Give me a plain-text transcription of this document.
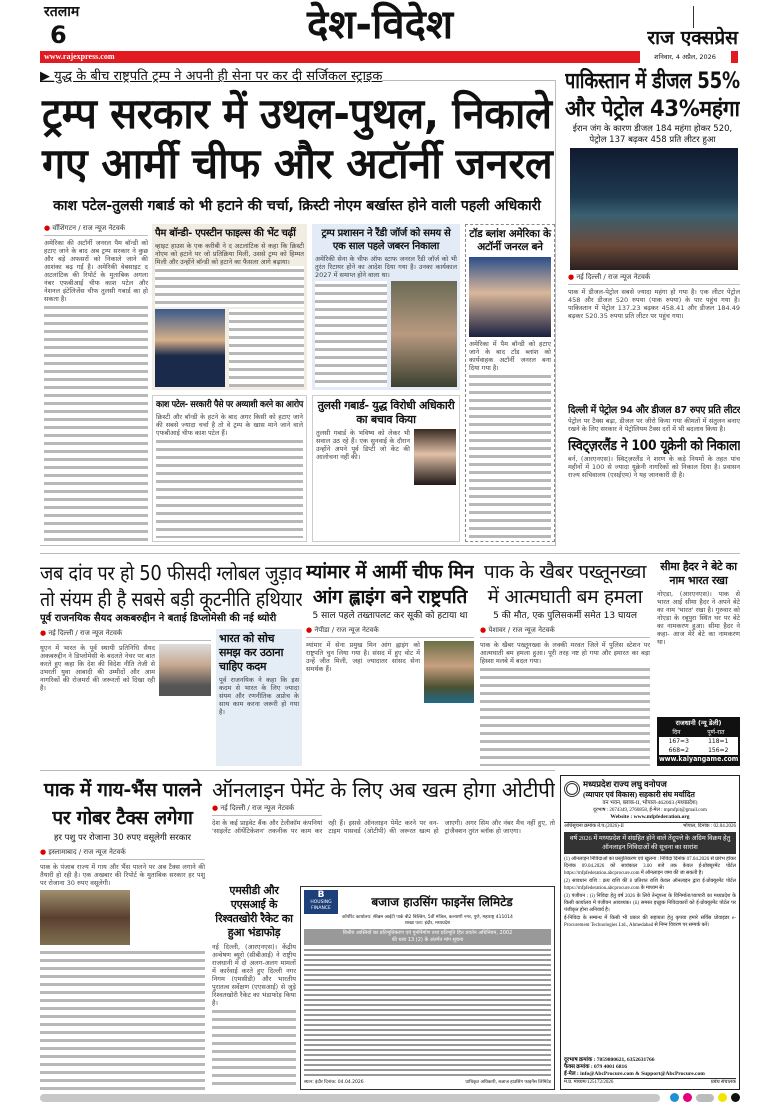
रतलाम
6	देश-विदेश	राज एक्सप्रेस
www.rajexpress.com	शनिवार, 4 अप्रैल, 2026
▶ युद्ध के बीच राष्ट्रपति ट्रम्प ने अपनी ही सेना पर कर दी सर्जिकल स्ट्राइक
ट्रम्प सरकार में उथल-पुथल, निकाले
गए आर्मी चीफ और अटॉर्नी जनरल
काश पटेल-तुलसी गबार्ड को भी हटाने की चर्चा, क्रिस्टी नोएम बर्खास्त होने वाली पहली अधिकारी
● वॉशिंगटन / राज न्यूज नेटवर्क
अमेरिका की अटॉर्नी जनरल पैम बॉन्डी को हटाए जाने के बाद अब ट्रम्प सरकार ने कुछ और बड़े अफसरों को निकाले जाने की आशंका बढ़ गई है। अमेरिकी वेबसाइट द अटलांटिक की रिपोर्ट के मुताबिक अगला नंबर एफबीआई चीफ काश पटेल और नेशनल इंटेलिजेंस चीफ तुलसी गबार्ड का हो सकता है।
पैम बॉन्डी- एपस्टीन फाइल्स की भेंट चढ़ीं
व्हाइट हाउस के एक करीबी ने द अटलांटिक से कहा कि क्रिस्टी नोएम को हटाने पर जो प्रतिक्रिया मिली, उससे ट्रम्प को हिम्मत मिली और उन्होंने बॉन्डी को हटाने का फैसला आगे बढ़ाया।
ट्रम्प प्रशासन ने रैंडी जॉर्ज को समय से एक साल पहले जबरन निकाला
अमेरिकी सेना के चीफ ऑफ स्टाफ जनरल रैंडी जॉर्ज को भी तुरंत रिटायर होने का आदेश दिया गया है। उनका कार्यकाल 2027 में समाप्त होने वाला था।
टॉड ब्लांश अमेरिका के अटॉर्नी जनरल बने
अमेरिका में पैम बॉन्डी को हटाए जाने के बाद टॉड ब्लांश को कार्यवाहक अटॉर्नी जनरल बना दिया गया है।
काश पटेल- सरकारी पैसे पर अय्याशी करने का आरोप
क्रिस्टी और बॉन्डी के हटने के बाद अगर किसी को हटाए जाने की सबसे ज्यादा चर्चा है तो वे ट्रम्प के खास माने जाने वाले एफबीआई चीफ काश पटेल हैं।
तुलसी गबार्ड- युद्ध विरोधी अधिकारी का बचाव किया
तुलसी गबार्ड के भविष्य को लेकर भी सवाल उठ रहे हैं। एक सुनवाई के दौरान उन्होंने अपने पूर्व डिप्टी जो केंट की आलोचना नहीं की।
पाकिस्तान में डीजल 55%
और पेट्रोल 43%महंगा
ईरान जंग के कारण डीजल 184 महंगा होकर 520, पेट्रोल 137 बढ़कर 458 प्रति लीटर हुआ
● नई दिल्ली / राज न्यूज नेटवर्क
पाक में डीजल-पेट्रोल सबसे ज्यादा महंगा हो गया है। एक लीटर पेट्रोल 458 और डीजल 520 रुपया (पाक रुपया) के पार पहुंच गया है। पाकिस्तान में पेट्रोल 137.23 बढ़कर 458.41 और डीजल 184.49 बढ़कर 520.35 रुपया प्रति लीटर पर पहुंच गया।
दिल्ली में पेट्रोल 94 और डीजल 87 रुपए प्रति लीटर
पेट्रोल पर टैक्स बढ़ा, डीजल पर जीरो किया गया कीमतों में संतुलन बनाए रखने के लिए सरकार ने पेट्रोलियम टैक्स दरों में भी बदलाव किया है।
स्विट्ज़रलैंड ने 100 यूक्रेनी को निकाला
बर्न, (आरएनएस)। स्विट्ज़रलैंड ने शरण के कड़े नियमों के तहत पांच महीनों में 100 से ज्यादा यूक्रेनी नागरिकों को निकाल दिया है। प्रवासन राज्य सचिवालय (एसईएम) ने यह जानकारी दी है।
जब दांव पर हो 50 फीसदी ग्लोबल जुड़ाव
तो संयम ही है सबसे बड़ी कूटनीति हथियार
पूर्व राजनयिक सैयद अकबरुद्दीन ने बताई डिप्लोमेसी की नई थ्योरी
● नई दिल्ली / राज न्यूज नेटवर्क
यूएन में भारत के पूर्व स्थायी प्रतिनिधि सैयद अकबरुद्दीन ने डिप्लोमेसी के बदलते नेचर पर बात करते हुए कहा कि देश की विदेश नीति तेजी से उभरती युवा आबादी की उम्मीदों और आम नागरिकों की रोजमर्रा की जरूरतों को दिखा रही है।
भारत को सोच समझ कर उठाना चाहिए कदम
पूर्व राजनयिक ने कहा कि इस कदम से भारत के लिए ज्यादा संयम और रणनीतिक अप्रोच के साथ काम करना जरूरी हो गया है।
म्यांमार में आर्मी चीफ मिन
आंग ह्लाइंग बने राष्ट्रपति
5 साल पहले तख्तापलट कर सूकी को हटाया था
● नेपीडा / राज न्यूज नेटवर्क
म्यांमार में सेना प्रमुख मिन आंग ह्लाइंग को राष्ट्रपति चुन लिया गया है। संसद में हुए वोट में उन्हें जीत मिली, जहां ज्यादातर सांसद सेना समर्थक हैं।
पाक के खैबर पख्तूनख्वा
में आत्मघाती बम हमला
5 की मौत, एक पुलिसकर्मी समेत 13 घायल
● पेशावर / राज न्यूज नेटवर्क
पाक के खैबर पख्तूनख्वा के लक्की मरवत जिले में पुलिस स्टेशन पर आत्मघाती बम हमला हुआ। पूरी तरह नष्ट हो गया और इमारत का बड़ा हिस्सा मलबे में बदल गया।
सीमा हैदर ने बेटे का नाम भारत रखा
नोएडा, (आरएनएस)। पाक से भारत आई सीमा हैदर ने अपने बेटे का नाम 'भारत' रखा है। गुरुवार को नोएडा के रबूपुरा स्थित घर पर बेटे का नामकरण हुआ। सीमा हैदर ने कहा- आज मेरे बेटे का नामकरण था।
राजधानी (न्यू डेली)
दिन	पूर्ण-रात
167=3	118=1
668=2	156=2
www.kalyangame.com
पाक में गाय-भैंस पालने
पर गोबर टैक्स लगेगा
हर पशु पर रोजाना 30 रुपए वसूलेगी सरकार
● इस्लामाबाद / राज न्यूज नेटवर्क
पाक के पंजाब राज्य में गाय और भैंस पालने पर अब टैक्स लगाने की तैयारी हो रही है। एक अखबार की रिपोर्ट के मुताबिक सरकार हर पशु पर रोजाना 30 रुपए वसूलेगी।
ऑनलाइन पेमेंट के लिए अब खत्म होगा ओटीपी
● नई दिल्ली / राज न्यूज नेटवर्क
देश के कई प्राइवेट बैंक और टेलीकॉम कंपनियां 'साइलेंट ऑथेंटिकेशन' तकनीक पर काम कर रही हैं। इससे ऑनलाइन पेमेंट करने पर वन-टाइम पासवर्ड (ओटीपी) की जरूरत खत्म हो जाएगी। अगर सिम और नंबर मैच नहीं हुए, तो ट्रांजैक्शन तुरंत ब्लॉक हो जाएगा।
एमसीडी और एएसआई के रिश्वतखोरी रैकेट का हुआ भंडाफोड़
नई दिल्ली, (आरएनएस)। केंद्रीय अन्वेषण ब्यूरो (सीबीआई) ने राष्ट्रीय राजधानी में दो अलग-अलग मामलों में कार्रवाई करते हुए दिल्ली नगर निगम (एमसीडी) और भारतीय पुरातत्व सर्वेक्षण (एएसआई) से जुड़े रिश्वतखोरी रैकेट का भंडाफोड़ किया है।
B HOUSING FINANCE	बजाज हाउसिंग फाइनेंस लिमिटेड
कॉर्पोरेट कार्यालय: सेरेब्रम आईटी पार्क बी2 बिल्डिंग, 5वीं मंजिल, कल्याणी नगर, पुणे, महाराष्ट्र 411014
शाखा पता: इंदौर, मध्यप्रदेश
वित्तीय आस्तियों का प्रतिभूतिकरण एवं पुनर्निर्माण तथा प्रतिभूति हित प्रवर्तन अधिनियम, 2002
की धारा 13 (2) के अंतर्गत मांग सूचना
स्थान: इंदौर दिनांक: 04.04.2026	प्राधिकृत अधिकारी, बजाज हाउसिंग फाइनेंस लिमिटेड
मध्यप्रदेश राज्य लघु वनोपज
(व्यापार एवं विकास) सहकारी संघ मर्यादित
वन भवन, ब्लाक-II, भोपाल-462003 (मध्यप्रदेश)
दूरभाष : 2674349, 2760858, ई-मेल : mpmfpit@gmail.com
Website : www.mfpfederation.org
अधिसूचना क्रमांक ते.प.(2026)-II	भोपाल, दिनांक : 02.04.2026
वर्ष 2026 में मध्यप्रदेश में संग्रहित होने वाले तेंदूपत्ते के अग्रिम विक्रय हेतु ऑनलाइन निविदाओं की सूचना का सारांश
(1) ऑनलाइन निविदाओं का प्रस्तुतिकरण एवं खुलना : निविदा दिनांक 07.04.2026 से प्रारंभ होकर दिनांक 09.04.2026 को सायंकाल 3.00 बजे तक केवल ई-प्रोक्यूरमेंट पोर्टल https://mfpfederation.abcprocure.com में ऑनलाइन जमा की जा सकती है।
(2) सावधान राशि : क्रय राशि की 8 प्रतिशत राशि केवल ऑनलाइन द्वारा ई-प्रोक्यूरमेंट पोर्टल https://mfpfederation.abcprocure.com के माध्यम से।
(3) पंजीयन : (i) निविदा हेतु वर्ष 2026 के लिये तेन्दूपत्ता के विनिर्माता/व्यापारी का मध्यप्रदेश के किसी कार्यालय में पंजीयन आवश्यक। (ii) समस्त इच्छुक निविदाकारों को ई-प्रोक्यूरमेंट पोर्टल पर पंजीकृत होना अनिवार्य है।
ई-निविदा के सम्बन्ध में किसी भी प्रकार की सहायता हेतु कृपया हमारे सर्विस प्रोवाइडर e-Procurement Technologies Ltd., Ahmedabad से निम्न विवरण पर सम्पर्क करें।
दूरभाष क्रमांक : 7859800621, 6352631766
फैक्स क्रमांक : 079 4001 6816
ई-मेल : info@AbcProcure.com & Support@AbcProcure.com
म.प्र. माध्यम/125172/2026	प्रबंध संचालक
